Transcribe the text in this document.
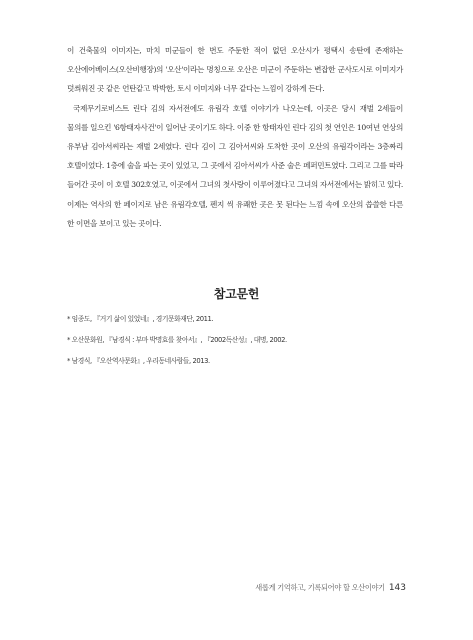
이 건축물의 이미지는, 마치 미군들이 한 번도 주둔한 적이 없던 오산시가 평택시 송탄에 존재하는 오산에어베이스(오산비행장)의 '오산'이라는 명칭으로 오산은 미군이 주둔하는 변잡한 군사도시로 이미지가 덧씌워진 곳 같은 언탄같고 박박한, 토시 이미지와 너무 같다는 느낌이 강하게 든다.

국제무기로비스트 린다 김의 자서전에도 유림각 호텔 이야기가 나오는데, 이곳은 당시 재벌 2세들이 물의를 일으킨 '6항태자사건'이 일어난 곳이기도 하다. 이중 한 항태자인 린다 김의 첫 연인은 10여년 연상의 유부남 김아서씨라는 재벌 2세였다. 린다 김이 그 김아서씨와 도착한 곳이 오산의 유림각이라는 3층짜리 호텔이었다. 1층에 술을 파는 곳이 있었고, 그 곳에서 김아서씨가 사준 술은 페퍼민트였다. 그리고 그를 따라 들어간 곳이 이 호텔 302호였고, 이곳에서 그녀의 첫사랑이 이루어졌다고 그녀의 자서전에서는 밝히고 있다. 이제는 역사의 한 페이지로 남은 유림각호텔, 펜지 씩 유쾌한 곳은 못 된다는 느낌 속에 오산의 씁쓸한 다른 한 이면을 보이고 있는 곳이다.

참고문헌
* 임종도, 『거기 삶이 있었네』, 경기문화재단, 2011.
* 오산문화원, 『남경식 : 부마 박명효를 찾아서』, 『2002독산성』, 대명, 2002.
* 남경식, 『오산역사문화』, 우리동네사람들, 2013.
새롭게 기억하고, 기록되어야 할 오산이야기 143
